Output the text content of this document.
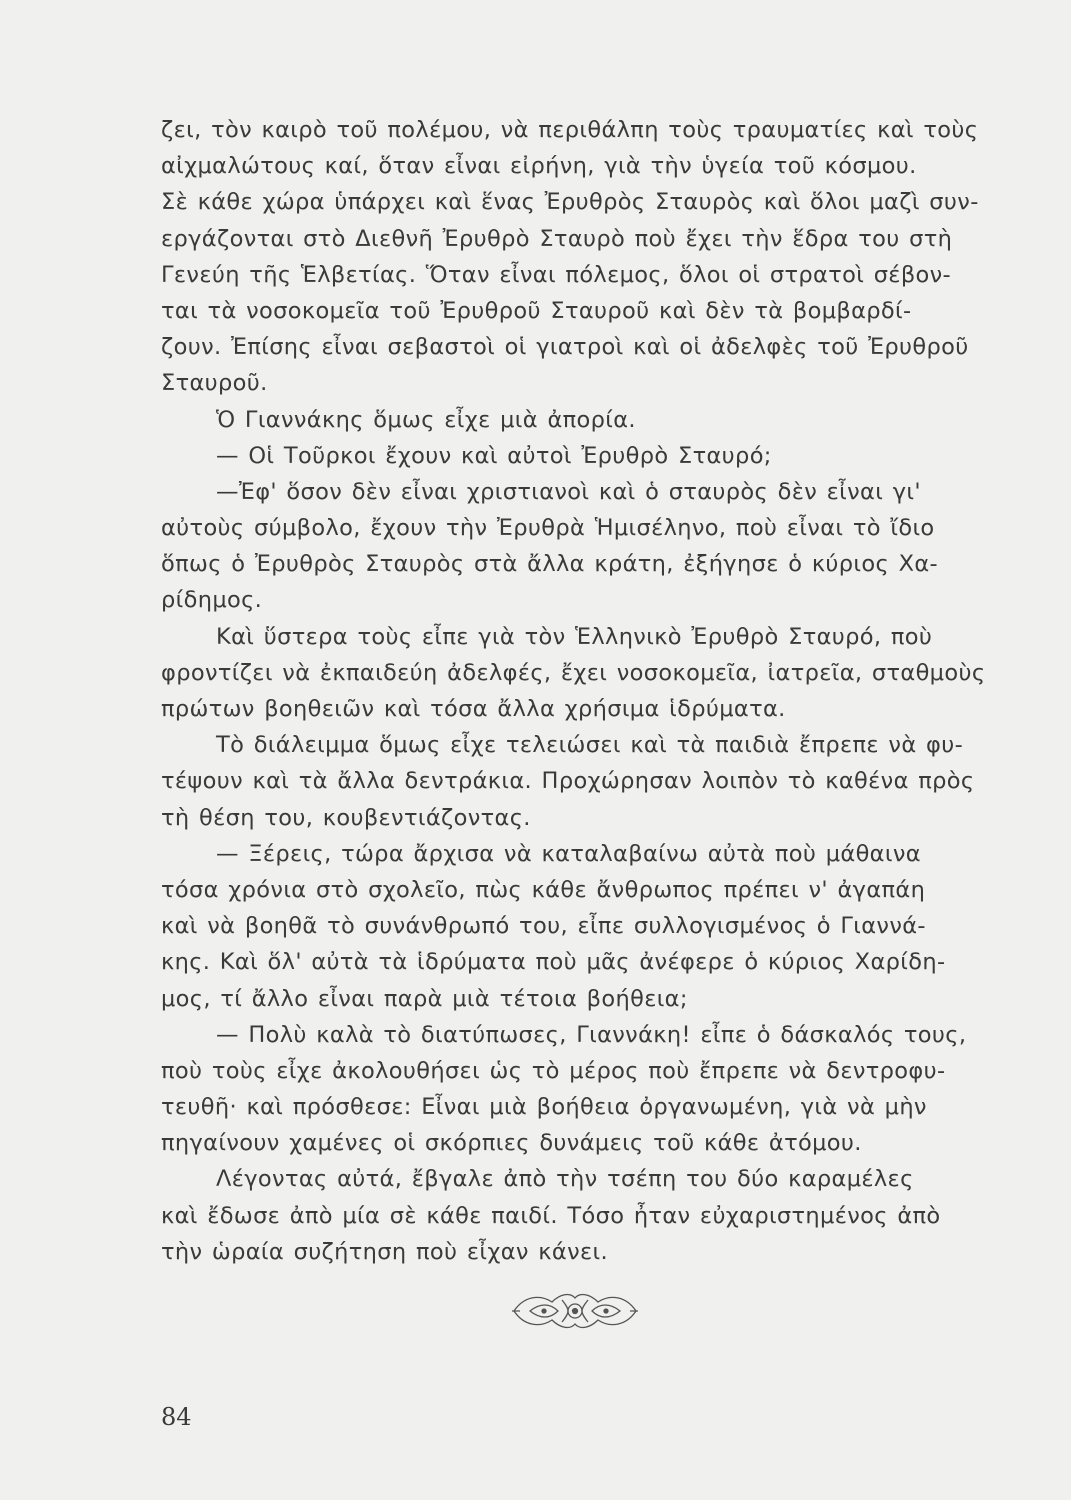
ζει, τὸν καιρὸ τοῦ πολέμου, νὰ περιθάλπη τοὺς τραυματίες καὶ τοὺς
αἰχμαλώτους καί, ὅταν εἶναι εἰρήνη, γιὰ τὴν ὑγεία τοῦ κόσμου.
Σὲ κάθε χώρα ὑπάρχει καὶ ἕνας Ἐρυθρὸς Σταυρὸς καὶ ὅλοι μαζὶ συν-
εργάζονται στὸ Διεθνῆ Ἐρυθρὸ Σταυρὸ ποὺ ἔχει τὴν ἕδρα του στὴ
Γενεύη τῆς Ἑλβετίας. Ὅταν εἶναι πόλεμος, ὅλοι οἱ στρατοὶ σέβον-
ται τὰ νοσοκομεῖα τοῦ Ἐρυθροῦ Σταυροῦ καὶ δὲν τὰ βομβαρδί-
ζουν. Ἐπίσης εἶναι σεβαστοὶ οἱ γιατροὶ καὶ οἱ ἀδελφὲς τοῦ Ἐρυθροῦ
Σταυροῦ.
Ὁ Γιαννάκης ὅμως εἶχε μιὰ ἀπορία.
— Οἱ Τοῦρκοι ἔχουν καὶ αὐτοὶ Ἐρυθρὸ Σταυρό;
—Ἐφ' ὅσον δὲν εἶναι χριστιανοὶ καὶ ὁ σταυρὸς δὲν εἶναι γι'
αὐτοὺς σύμβολο, ἔχουν τὴν Ἐρυθρὰ Ἡμισέληνο, ποὺ εἶναι τὸ ἴδιο
ὅπως ὁ Ἐρυθρὸς Σταυρὸς στὰ ἄλλα κράτη, ἐξήγησε ὁ κύριος Χα-
ρίδημος.
Καὶ ὕστερα τοὺς εἶπε γιὰ τὸν Ἑλληνικὸ Ἐρυθρὸ Σταυρό, ποὺ
φροντίζει νὰ ἐκπαιδεύη ἀδελφές, ἔχει νοσοκομεῖα, ἰατρεῖα, σταθμοὺς
πρώτων βοηθειῶν καὶ τόσα ἄλλα χρήσιμα ἱδρύματα.
Τὸ διάλειμμα ὅμως εἶχε τελειώσει καὶ τὰ παιδιὰ ἔπρεπε νὰ φυ-
τέψουν καὶ τὰ ἄλλα δεντράκια. Προχώρησαν λοιπὸν τὸ καθένα πρὸς
τὴ θέση του, κουβεντιάζοντας.
— Ξέρεις, τώρα ἄρχισα νὰ καταλαβαίνω αὐτὰ ποὺ μάθαινα
τόσα χρόνια στὸ σχολεῖο, πὼς κάθε ἄνθρωπος πρέπει ν' ἀγαπάη
καὶ νὰ βοηθᾶ τὸ συνάνθρωπό του, εἶπε συλλογισμένος ὁ Γιαννά-
κης. Καὶ ὅλ' αὐτὰ τὰ ἱδρύματα ποὺ μᾶς ἀνέφερε ὁ κύριος Χαρίδη-
μος, τί ἄλλο εἶναι παρὰ μιὰ τέτοια βοήθεια;
— Πολὺ καλὰ τὸ διατύπωσες, Γιαννάκη! εἶπε ὁ δάσκαλός τους,
ποὺ τοὺς εἶχε ἀκολουθήσει ὡς τὸ μέρος ποὺ ἔπρεπε νὰ δεντροφυ-
τευθῆ· καὶ πρόσθεσε: Εἶναι μιὰ βοήθεια ὀργανωμένη, γιὰ νὰ μὴν
πηγαίνουν χαμένες οἱ σκόρπιες δυνάμεις τοῦ κάθε ἀτόμου.
Λέγοντας αὐτά, ἔβγαλε ἀπὸ τὴν τσέπη του δύο καραμέλες
καὶ ἔδωσε ἀπὸ μία σὲ κάθε παιδί. Τόσο ἦταν εὐχαριστημένος ἀπὸ
τὴν ὡραία συζήτηση ποὺ εἶχαν κάνει.
84
